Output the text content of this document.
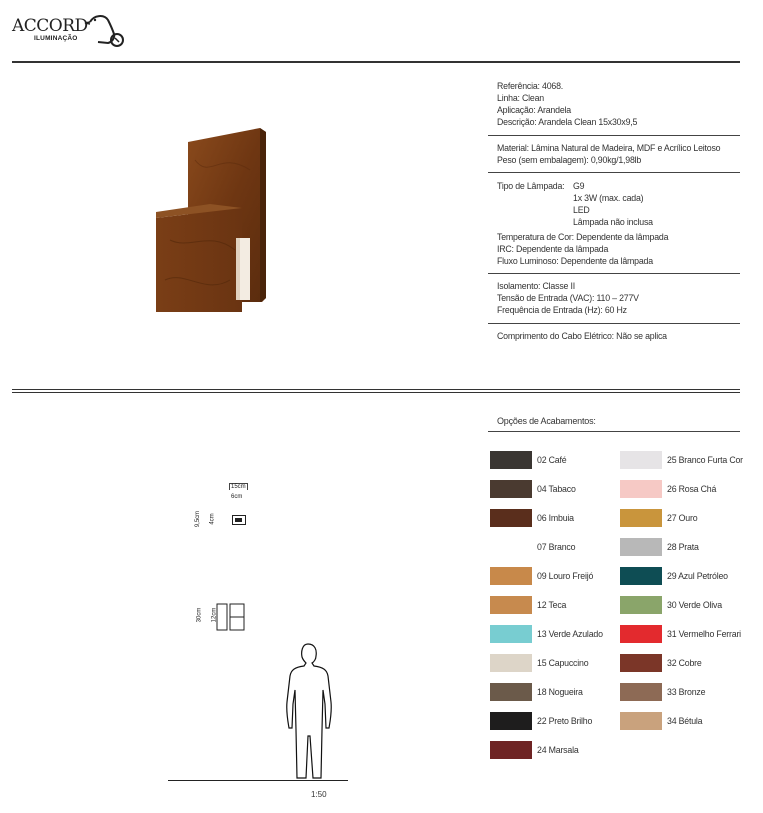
ACCORD
ILUMINAÇÃO
Referência: 4068.
Linha: Clean
Aplicação: Arandela
Descrição: Arandela Clean 15x30x9,5
Material: Lâmina Natural de Madeira, MDF e Acrílico Leitoso
Peso (sem embalagem): 0,90kg/1,98lb
Tipo de Lâmpada: G9
1x 3W (max. cada)
LED
Lâmpada não inclusa
Temperatura de Cor: Dependente da lâmpada
IRC: Dependente da lâmpada
Fluxo Luminoso: Dependente da lâmpada
Isolamento: Classe II
Tensão de Entrada (VAC): 110 – 277V
Frequência de Entrada (Hz): 60 Hz
Comprimento do Cabo Elétrico: Não se aplica
15cm
6cm
9,5cm 4cm
30cm 12cm
1:50
Opções de Acabamentos:
02 Café
04 Tabaco
06 Imbuia
07 Branco
09 Louro Freijó
12 Teca
13 Verde Azulado
15 Capuccino
18 Nogueira
22 Preto Brilho
24 Marsala
25 Branco Furta Cor
26 Rosa Chá
27 Ouro
28 Prata
29 Azul Petróleo
30 Verde Oliva
31 Vermelho Ferrari
32 Cobre
33 Bronze
34 Bétula
